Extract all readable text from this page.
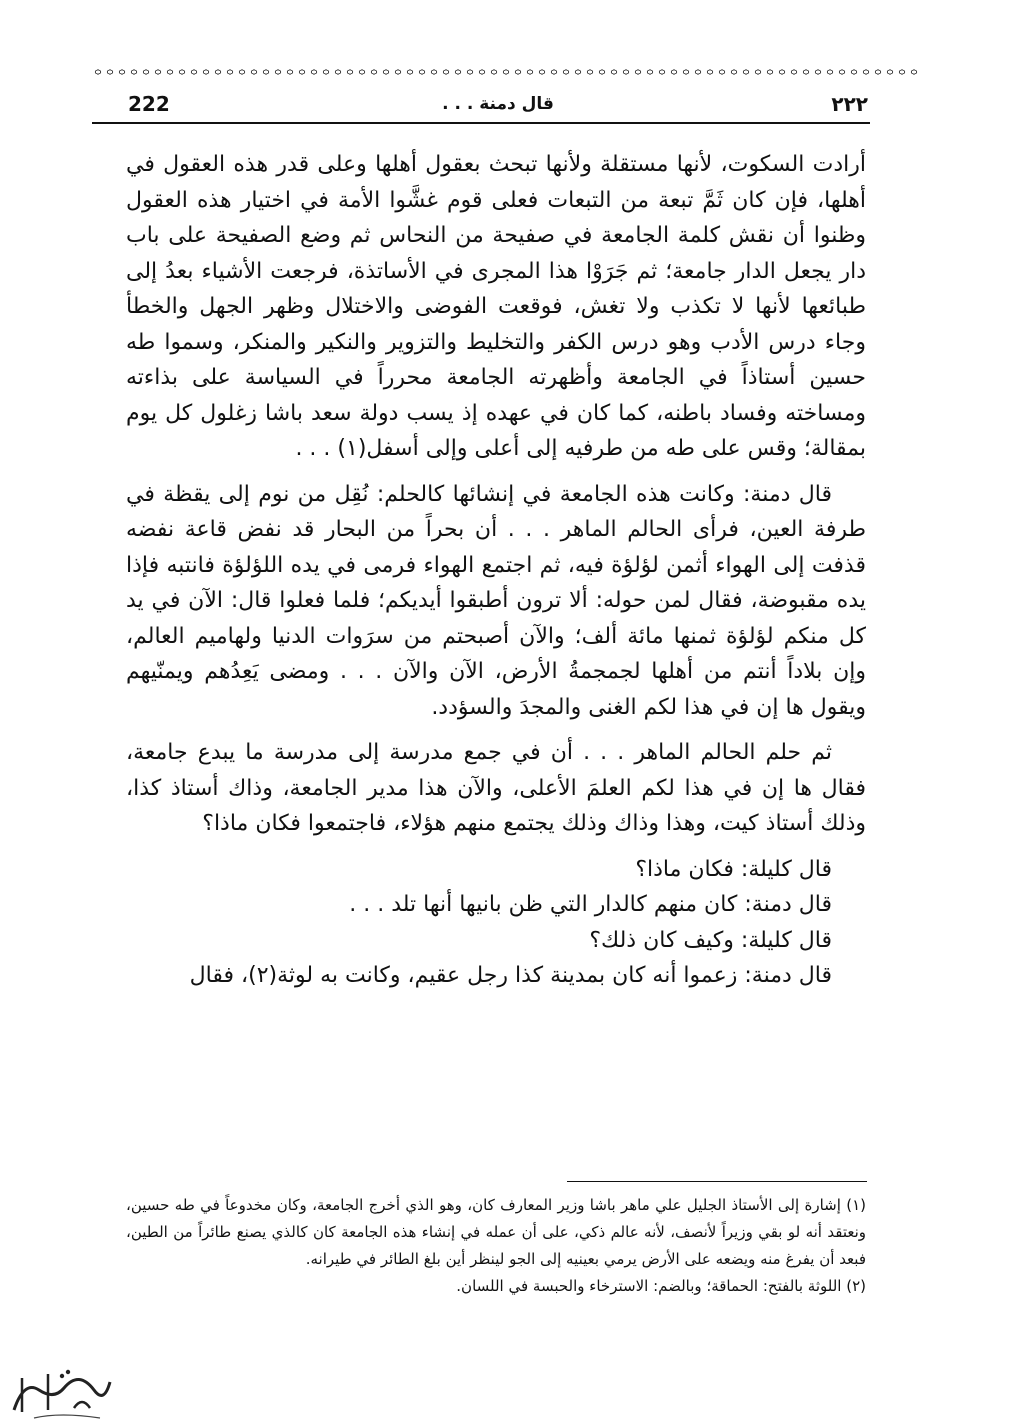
222	قال دمنة . . .	٢٢٢

أرادت السكوت، لأنها مستقلة ولأنها تبحث بعقول أهلها وعلى قدر هذه العقول في أهلها، فإن كان ثَمَّ تبعة من التبعات فعلى قوم غشَّوا الأمة في اختيار هذه العقول وظنوا أن نقش كلمة الجامعة في صفيحة من النحاس ثم وضع الصفيحة على باب دار يجعل الدار جامعة؛ ثم جَرَوْا هذا المجرى في الأساتذة، فرجعت الأشياء بعدُ إلى طبائعها لأنها لا تكذب ولا تغش، فوقعت الفوضى والاختلال وظهر الجهل والخطأ وجاء درس الأدب وهو درس الكفر والتخليط والتزوير والنكير والمنكر، وسموا طه حسين أستاذاً في الجامعة وأظهرته الجامعة محرراً في السياسة على بذاءته ومساخته وفساد باطنه، كما كان في عهده إذ يسب دولة سعد باشا زغلول كل يوم بمقالة؛ وقس على طه من طرفيه إلى أعلى وإلى أسفل(١) . . .

قال دمنة: وكانت هذه الجامعة في إنشائها كالحلم: نُقِل من نوم إلى يقظة في طرفة العين، فرأى الحالم الماهر . . . أن بحراً من البحار قد نفض قاعة نفضه قذفت إلى الهواء أثمن لؤلؤة فيه، ثم اجتمع الهواء فرمى في يده اللؤلؤة فانتبه فإذا يده مقبوضة، فقال لمن حوله: ألا ترون أطبقوا أيديكم؛ فلما فعلوا قال: الآن في يد كل منكم لؤلؤة ثمنها مائة ألف؛ والآن أصبحتم من سرَوات الدنيا ولهاميم العالم، وإن بلاداً أنتم من أهلها لجمجمةُ الأرض، الآن والآن . . . ومضى يَعِدُهم ويمنّيهم ويقول ها إن في هذا لكم الغنى والمجدَ والسؤدد.

ثم حلم الحالم الماهر . . . أن في جمع مدرسة إلى مدرسة ما يبدع جامعة، فقال ها إن في هذا لكم العلمَ الأعلى، والآن هذا مدير الجامعة، وذاك أستاذ كذا، وذلك أستاذ كيت، وهذا وذاك وذلك يجتمع منهم هؤلاء، فاجتمعوا فكان ماذا؟

قال كليلة: فكان ماذا؟

قال دمنة: كان منهم كالدار التي ظن بانيها أنها تلد . . .

قال كليلة: وكيف كان ذلك؟

قال دمنة: زعموا أنه كان بمدينة كذا رجل عقيم، وكانت به لوثة(٢)، فقال

(١) إشارة إلى الأستاذ الجليل علي ماهر باشا وزير المعارف كان، وهو الذي أخرج الجامعة، وكان مخدوعاً في طه حسين، ونعتقد أنه لو بقي وزيراً لأنصف، لأنه عالم ذكي، على أن عمله في إنشاء هذه الجامعة كان كالذي يصنع طائراً من الطين، فبعد أن يفرغ منه ويضعه على الأرض يرمي بعينيه إلى الجو لينظر أين بلغ الطائر في طيرانه.

(٢) اللوثة بالفتح: الحماقة؛ وبالضم: الاسترخاء والحبسة في اللسان.
